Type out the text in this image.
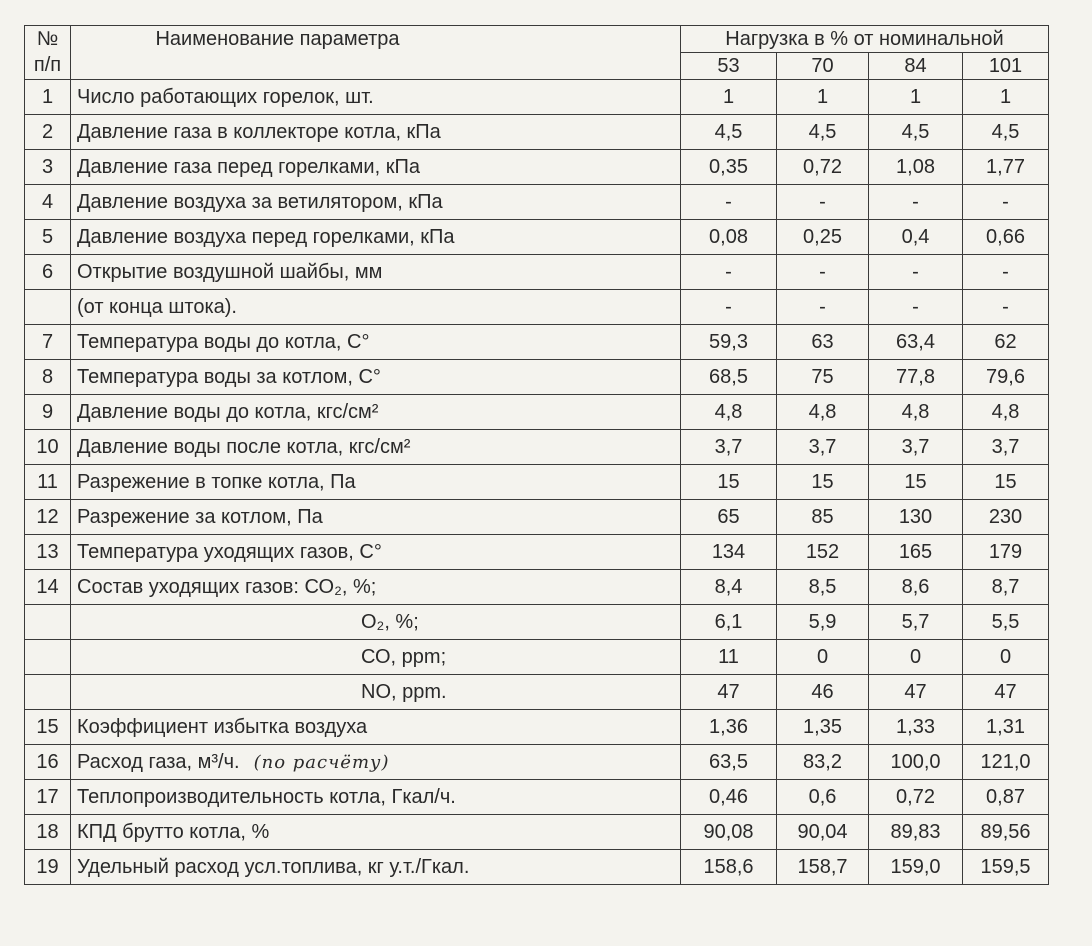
№	Наименование параметра	Нагрузка в % от номинальной			
п/п		53	70	84	101
1	Число работающих горелок, шт.	1	1	1	1
2	Давление газа в коллекторе котла, кПа	4,5	4,5	4,5	4,5
3	Давление газа перед горелками, кПа	0,35	0,72	1,08	1,77
4	Давление воздуха за ветилятором, кПа	-	-	-	-
5	Давление воздуха перед горелками, кПа	0,08	0,25	0,4	0,66
6	Открытие воздушной шайбы, мм	-	-	-	-
	(от конца штока).	-	-	-	-
7	Температура воды до котла, С°	59,3	63	63,4	62
8	Температура воды за котлом, С°	68,5	75	77,8	79,6
9	Давление воды до котла, кгс/см²	4,8	4,8	4,8	4,8
10	Давление воды после котла, кгс/см²	3,7	3,7	3,7	3,7
11	Разрежение в топке котла, Па	15	15	15	15
12	Разрежение за котлом, Па	65	85	130	230
13	Температура уходящих газов, С°	134	152	165	179
14	Состав уходящих газов: СО₂, %;	8,4	8,5	8,6	8,7
	О₂, %;	6,1	5,9	5,7	5,5
	СО, ppm;	11	0	0	0
	NO, ppm.	47	46	47	47
15	Коэффициент избытка воздуха	1,36	1,35	1,33	1,31
16	Расход газа, м³/ч. (по расчёту)	63,5	83,2	100,0	121,0
17	Теплопроизводительность котла, Гкал/ч.	0,46	0,6	0,72	0,87
18	КПД брутто котла, %	90,08	90,04	89,83	89,56
19	Удельный расход усл.топлива, кг у.т./Гкал.	158,6	158,7	159,0	159,5
